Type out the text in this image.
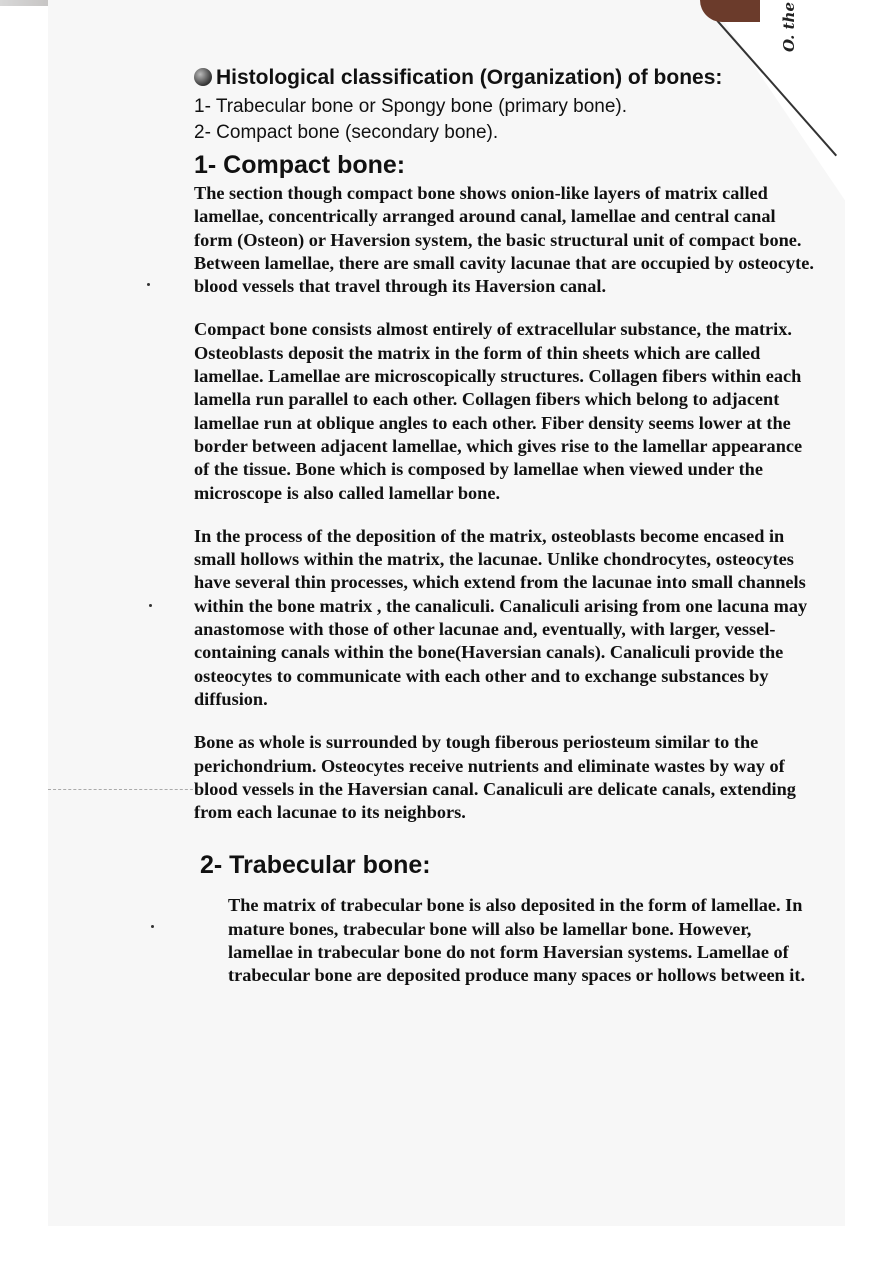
O. the

Histological classification (Organization) of bones:

1- Trabecular bone or Spongy bone (primary bone).

2- Compact bone (secondary bone).

1- Compact bone:

The section though compact bone shows onion-like layers of matrix called lamellae, concentrically arranged around canal, lamellae and central canal form (Osteon) or Haversion system, the basic structural unit of compact bone.

Between lamellae, there are small cavity lacunae that are occupied by osteocyte.

blood vessels that travel through its Haversion canal.

Compact bone consists almost entirely of extracellular substance, the matrix. Osteoblasts deposit the matrix in the form of thin sheets which are called lamellae. Lamellae are microscopically structures. Collagen fibers within each lamella run parallel to each other. Collagen fibers which belong to adjacent lamellae run at oblique angles to each other. Fiber density seems lower at the border between adjacent lamellae, which gives rise to the lamellar appearance of the tissue. Bone which is composed by lamellae when viewed under the microscope is also called lamellar bone.

In the process of the deposition of the matrix, osteoblasts become encased in small hollows within the matrix, the lacunae. Unlike chondrocytes, osteocytes have several thin processes, which extend from the lacunae into small channels within the bone matrix , the canaliculi. Canaliculi arising from one lacuna may anastomose with those of other lacunae and, eventually, with larger, vessel-containing canals within the bone(Haversian canals). Canaliculi provide the osteocytes to communicate with each other and to exchange substances by diffusion.

Bone as whole is surrounded by tough fiberous periosteum similar to the perichondrium. Osteocytes receive nutrients and eliminate wastes by way of blood vessels in the Haversian canal. Canaliculi are delicate canals, extending from each lacunae to its neighbors.

2- Trabecular bone:

The matrix of trabecular bone is also deposited in the form of lamellae. In mature bones, trabecular bone will also be lamellar bone. However, lamellae in trabecular bone do not form Haversian systems. Lamellae of trabecular bone are deposited produce many spaces or hollows between it.
